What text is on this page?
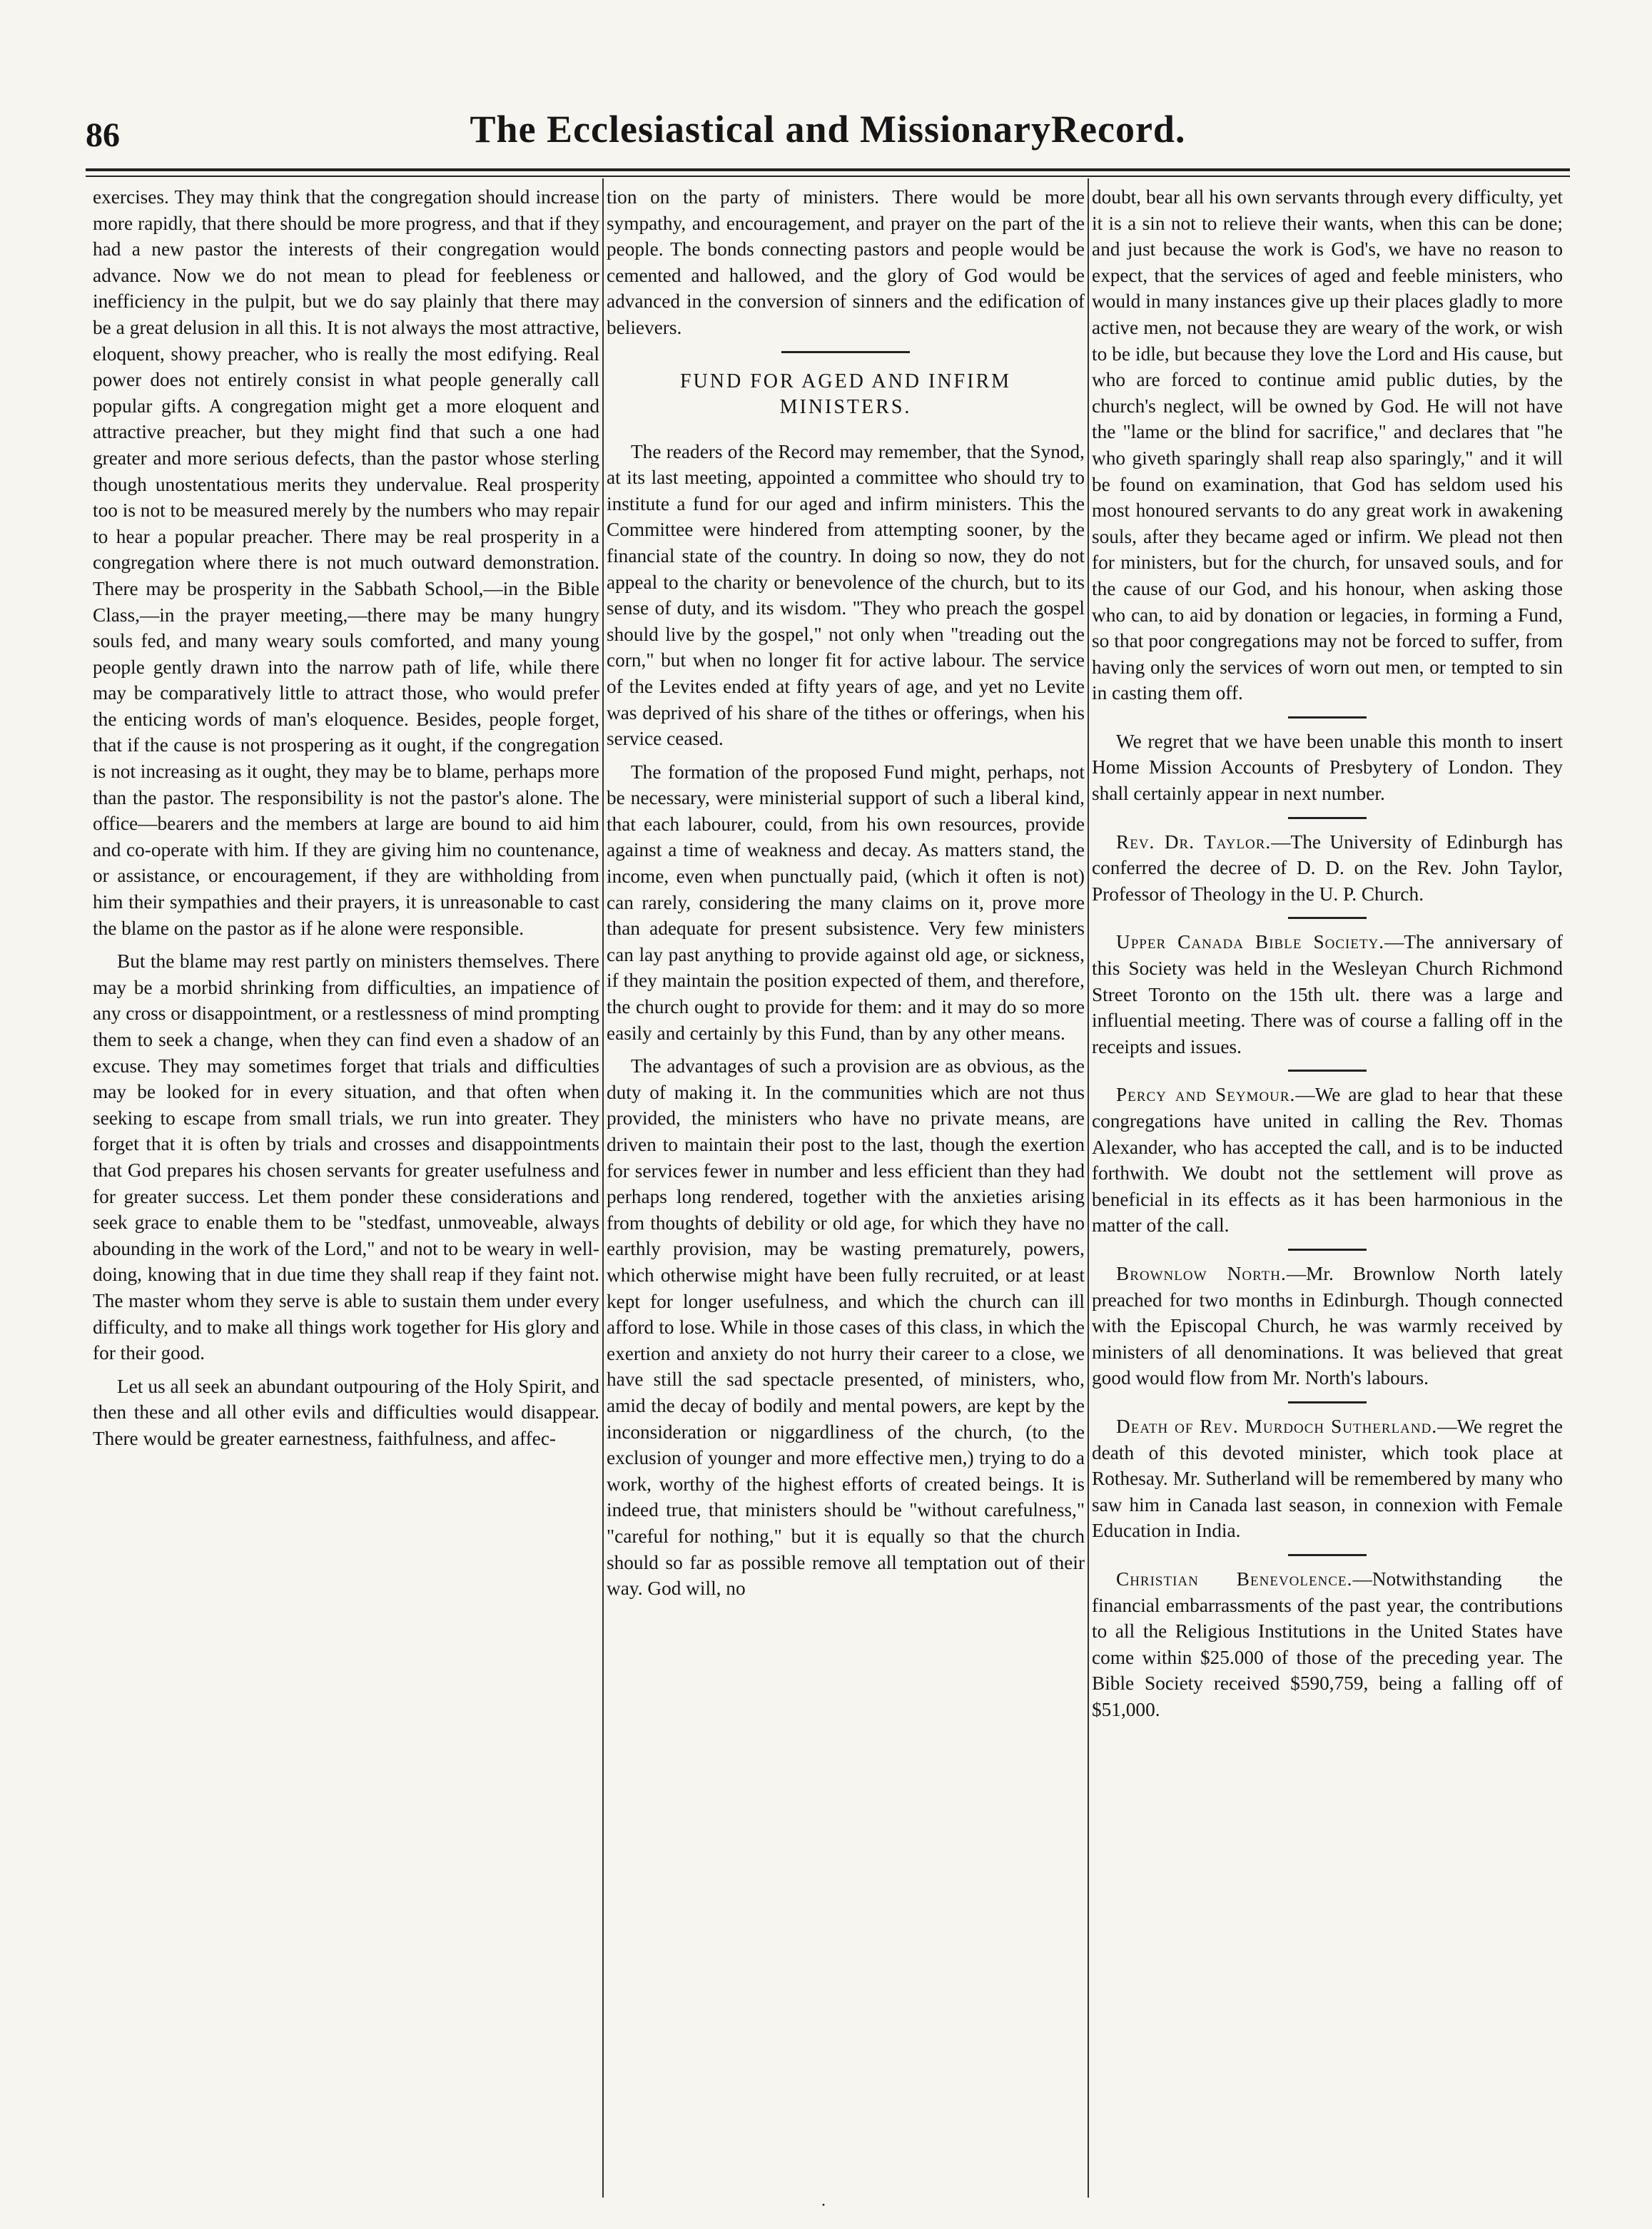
86	The Ecclesiastical and MissionaryRecord.

exercises. They may think that the congregation should increase more rapidly, that there should be more progress, and that if they had a new pastor the interests of their congregation would advance. Now we do not mean to plead for feebleness or inefficiency in the pulpit, but we do say plainly that there may be a great delusion in all this. It is not always the most attractive, eloquent, showy preacher, who is really the most edifying. Real power does not entirely consist in what people generally call popular gifts. A congregation might get a more eloquent and attractive preacher, but they might find that such a one had greater and more serious defects, than the pastor whose sterling though unostentatious merits they undervalue. Real prosperity too is not to be measured merely by the numbers who may repair to hear a popular preacher. There may be real prosperity in a congregation where there is not much outward demonstration. There may be prosperity in the Sabbath School,—in the Bible Class,—in the prayer meeting,—there may be many hungry souls fed, and many weary souls comforted, and many young people gently drawn into the narrow path of life, while there may be comparatively little to attract those, who would prefer the enticing words of man's eloquence. Besides, people forget, that if the cause is not prospering as it ought, if the congregation is not increasing as it ought, they may be to blame, perhaps more than the pastor. The responsibility is not the pastor's alone. The office—bearers and the members at large are bound to aid him and co-operate with him. If they are giving him no countenance, or assistance, or encouragement, if they are withholding from him their sympathies and their prayers, it is unreasonable to cast the blame on the pastor as if he alone were responsible.

But the blame may rest partly on ministers themselves. There may be a morbid shrinking from difficulties, an impatience of any cross or disappointment, or a restlessness of mind prompting them to seek a change, when they can find even a shadow of an excuse. They may sometimes forget that trials and difficulties may be looked for in every situation, and that often when seeking to escape from small trials, we run into greater. They forget that it is often by trials and crosses and disappointments that God prepares his chosen servants for greater usefulness and for greater success. Let them ponder these considerations and seek grace to enable them to be "stedfast, unmoveable, always abounding in the work of the Lord," and not to be weary in well-doing, knowing that in due time they shall reap if they faint not. The master whom they serve is able to sustain them under every difficulty, and to make all things work together for His glory and for their good.

Let us all seek an abundant outpouring of the Holy Spirit, and then these and all other evils and difficulties would disappear. There would be greater earnestness, faithfulness, and affec-

tion on the party of ministers. There would be more sympathy, and encouragement, and prayer on the part of the people. The bonds connecting pastors and people would be cemented and hallowed, and the glory of God would be advanced in the conversion of sinners and the edification of believers.

FUND FOR AGED AND INFIRM
MINISTERS.

The readers of the Record may remember, that the Synod, at its last meeting, appointed a committee who should try to institute a fund for our aged and infirm ministers. This the Committee were hindered from attempting sooner, by the financial state of the country. In doing so now, they do not appeal to the charity or benevolence of the church, but to its sense of duty, and its wisdom. "They who preach the gospel should live by the gospel," not only when "treading out the corn," but when no longer fit for active labour. The service of the Levites ended at fifty years of age, and yet no Levite was deprived of his share of the tithes or offerings, when his service ceased.

The formation of the proposed Fund might, perhaps, not be necessary, were ministerial support of such a liberal kind, that each labourer, could, from his own resources, provide against a time of weakness and decay. As matters stand, the income, even when punctually paid, (which it often is not) can rarely, considering the many claims on it, prove more than adequate for present subsistence. Very few ministers can lay past anything to provide against old age, or sickness, if they maintain the position expected of them, and therefore, the church ought to provide for them: and it may do so more easily and certainly by this Fund, than by any other means.

The advantages of such a provision are as obvious, as the duty of making it. In the communities which are not thus provided, the ministers who have no private means, are driven to maintain their post to the last, though the exertion for services fewer in number and less efficient than they had perhaps long rendered, together with the anxieties arising from thoughts of debility or old age, for which they have no earthly provision, may be wasting prematurely, powers, which otherwise might have been fully recruited, or at least kept for longer usefulness, and which the church can ill afford to lose. While in those cases of this class, in which the exertion and anxiety do not hurry their career to a close, we have still the sad spectacle presented, of ministers, who, amid the decay of bodily and mental powers, are kept by the inconsideration or niggardliness of the church, (to the exclusion of younger and more effective men,) trying to do a work, worthy of the highest efforts of created beings. It is indeed true, that ministers should be "without carefulness," "careful for nothing," but it is equally so that the church should so far as possible remove all temptation out of their way. God will, no

doubt, bear all his own servants through every difficulty, yet it is a sin not to relieve their wants, when this can be done; and just because the work is God's, we have no reason to expect, that the services of aged and feeble ministers, who would in many instances give up their places gladly to more active men, not because they are weary of the work, or wish to be idle, but because they love the Lord and His cause, but who are forced to continue amid public duties, by the church's neglect, will be owned by God. He will not have the "lame or the blind for sacrifice," and declares that "he who giveth sparingly shall reap also sparingly," and it will be found on examination, that God has seldom used his most honoured servants to do any great work in awakening souls, after they became aged or infirm. We plead not then for ministers, but for the church, for unsaved souls, and for the cause of our God, and his honour, when asking those who can, to aid by donation or legacies, in forming a Fund, so that poor congregations may not be forced to suffer, from having only the services of worn out men, or tempted to sin in casting them off.

We regret that we have been unable this month to insert Home Mission Accounts of Presbytery of London. They shall certainly appear in next number.

Rev. Dr. Taylor.—The University of Edinburgh has conferred the decree of D. D. on the Rev. John Taylor, Professor of Theology in the U. P. Church.

Upper Canada Bible Society.—The anniversary of this Society was held in the Wesleyan Church Richmond Street Toronto on the 15th ult. there was a large and influential meeting. There was of course a falling off in the receipts and issues.

Percy and Seymour.—We are glad to hear that these congregations have united in calling the Rev. Thomas Alexander, who has accepted the call, and is to be inducted forthwith. We doubt not the settlement will prove as beneficial in its effects as it has been harmonious in the matter of the call.

Brownlow North.—Mr. Brownlow North lately preached for two months in Edinburgh. Though connected with the Episcopal Church, he was warmly received by ministers of all denominations. It was believed that great good would flow from Mr. North's labours.

Death of Rev. Murdoch Sutherland.—We regret the death of this devoted minister, which took place at Rothesay. Mr. Sutherland will be remembered by many who saw him in Canada last season, in connexion with Female Education in India.

Christian Benevolence.—Notwithstanding the financial embarrassments of the past year, the contributions to all the Religious Institutions in the United States have come within $25.000 of those of the preceding year. The Bible Society received $590,759, being a falling off of $51,000.

·
